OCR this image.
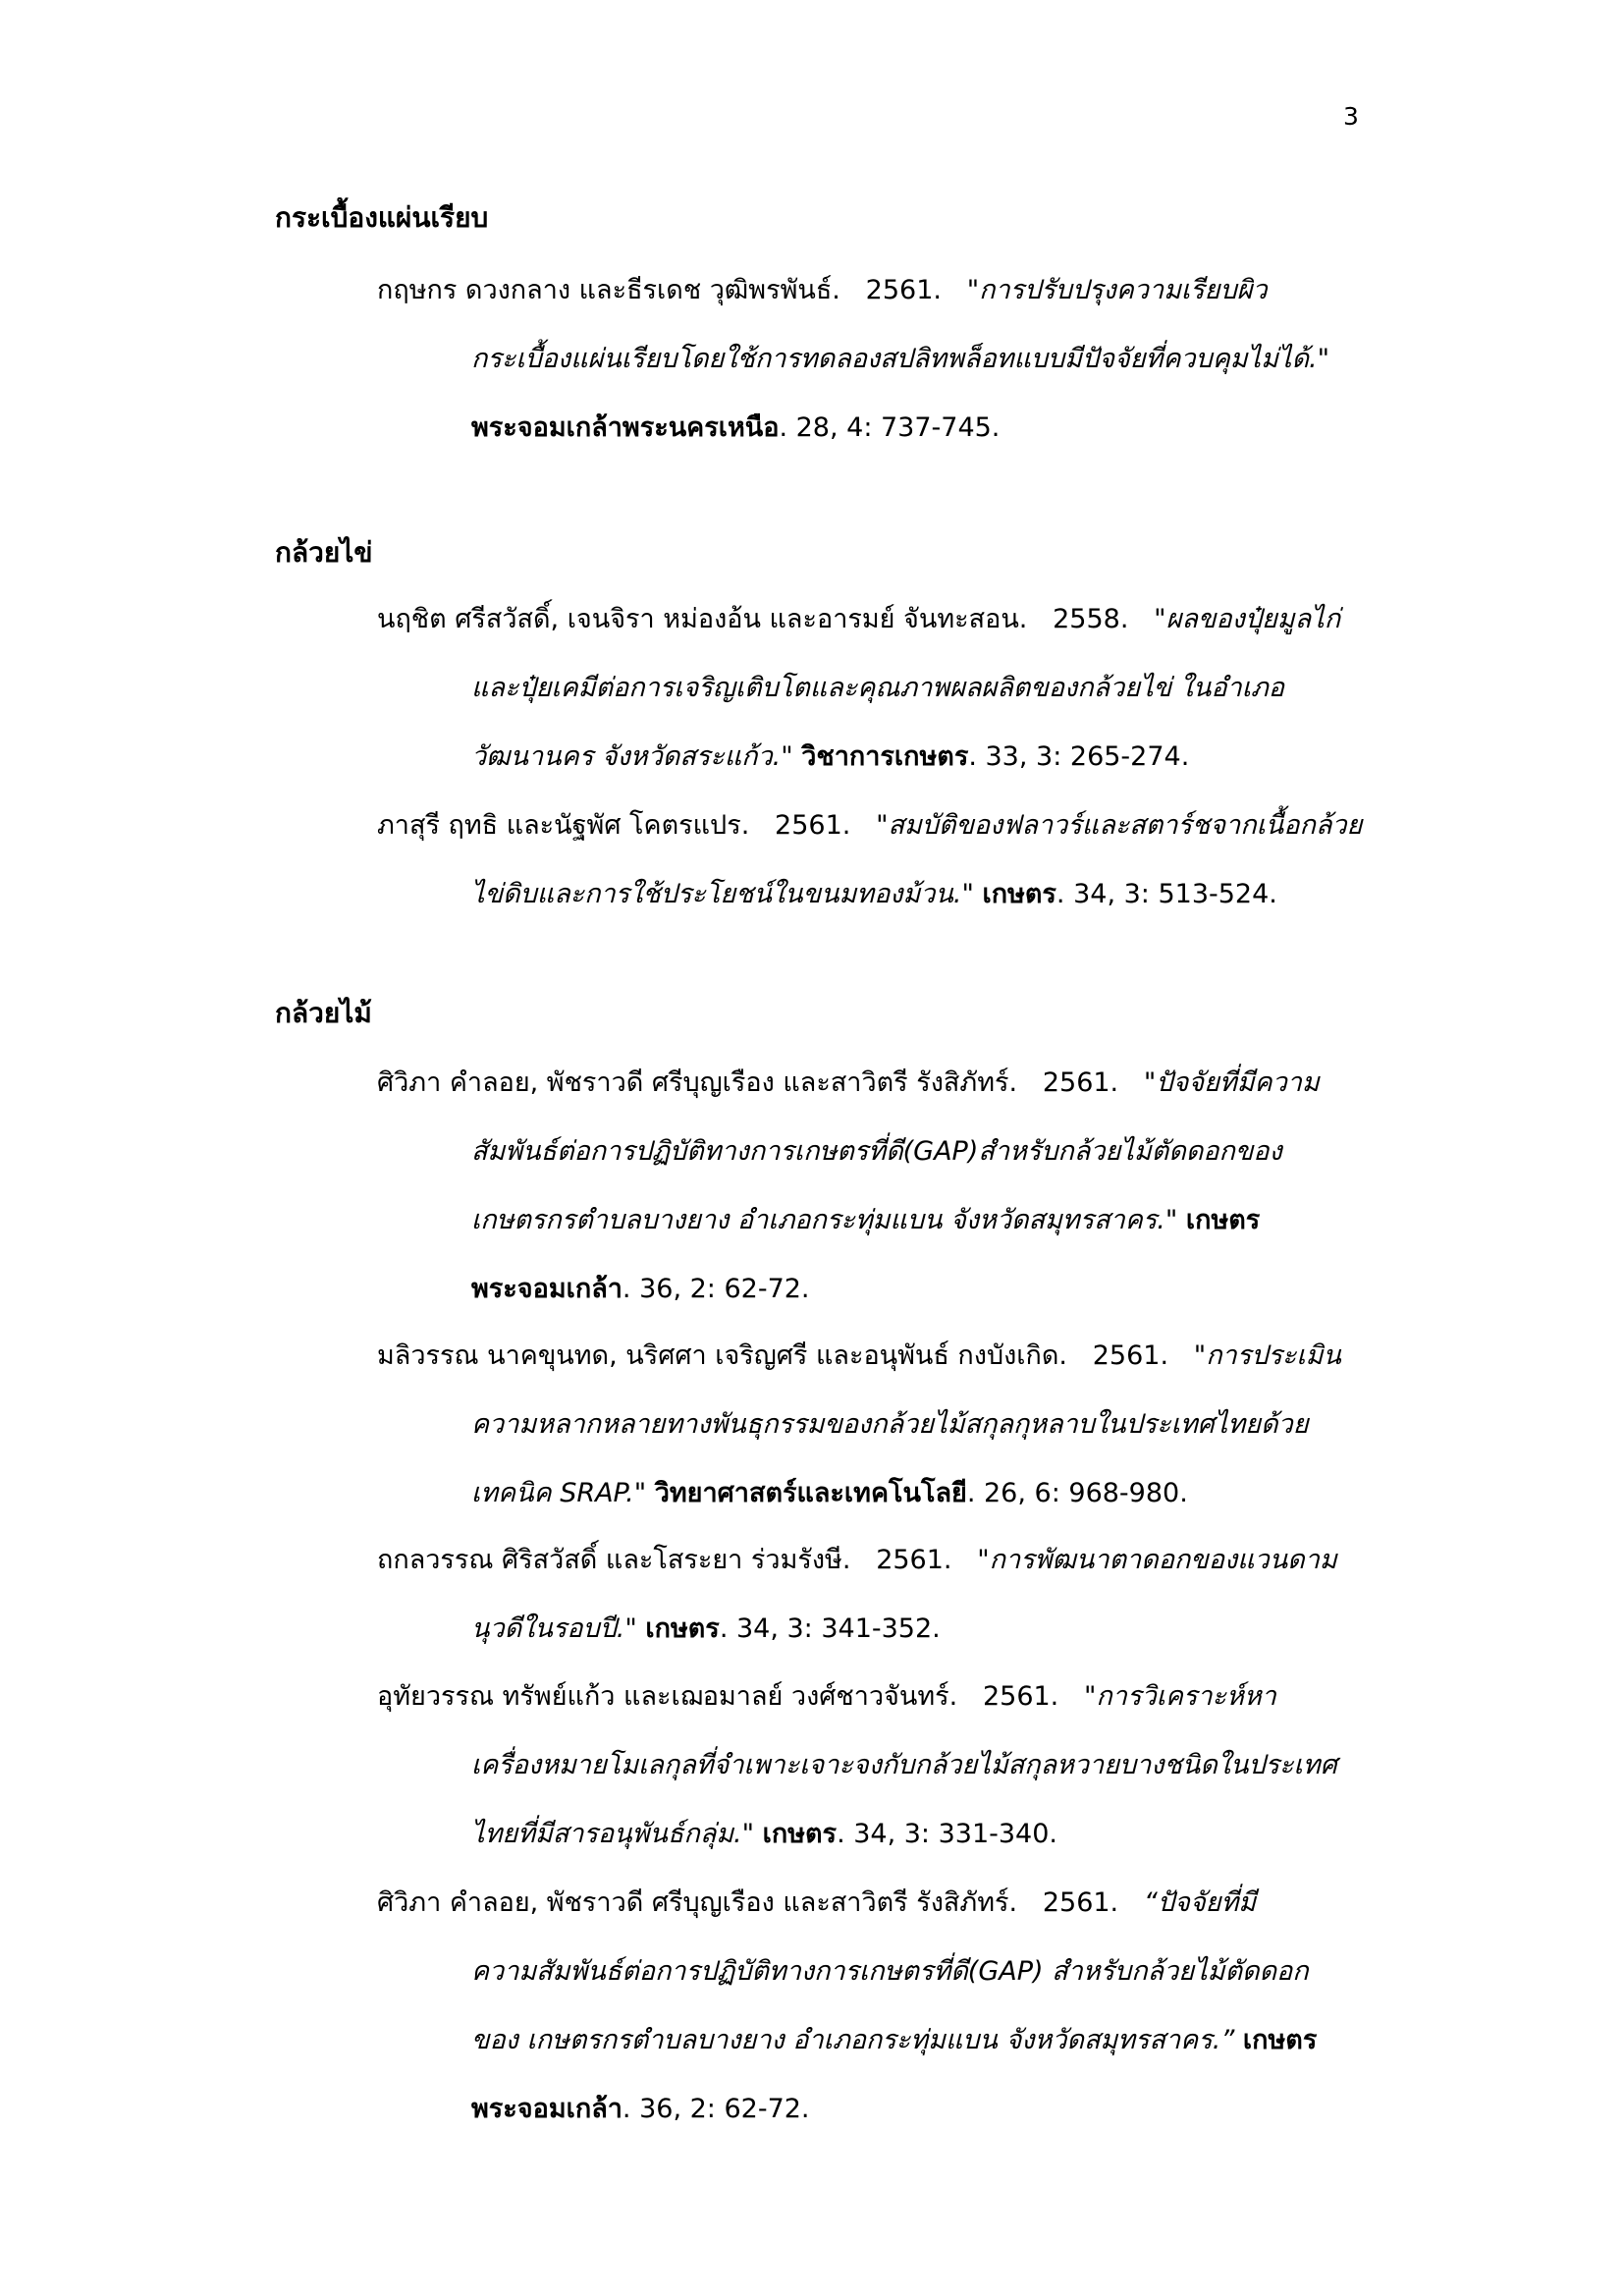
3
กระเบื้องแผ่นเรียบ
กฤษกร ดวงกลาง และธีรเดช วุฒิพรพันธ์. 2561. "การปรับปรุงความเรียบผิว
กระเบื้องแผ่นเรียบโดยใช้การทดลองสปลิทพล็อทแบบมีปัจจัยที่ควบคุมไม่ได้."
พระจอมเกล้าพระนครเหนือ. 28, 4: 737-745.
กล้วยไข่
นฤชิต ศรีสวัสดิ์, เจนจิรา หม่องอ้น และอารมย์ จันทะสอน. 2558. "ผลของปุ๋ยมูลไก่
และปุ๋ยเคมีต่อการเจริญเติบโตและคุณภาพผลผลิตของกล้วยไข่ ในอำเภอ
วัฒนานคร จังหวัดสระแก้ว." วิชาการเกษตร. 33, 3: 265-274.
ภาสุรี ฤทธิ และนัฐพัศ โคตรแปร. 2561. "สมบัติของฟลาวร์และสตาร์ชจากเนื้อกล้วย
ไข่ดิบและการใช้ประโยชน์ในขนมทองม้วน." เกษตร. 34, 3: 513-524.
กล้วยไม้
ศิวิภา คำลอย, พัชราวดี ศรีบุญเรือง และสาวิตรี รังสิภัทร์. 2561. "ปัจจัยที่มีความ
สัมพันธ์ต่อการปฏิบัติทางการเกษตรที่ดี(GAP)สำหรับกล้วยไม้ตัดดอกของ
เกษตรกรตำบลบางยาง อำเภอกระทุ่มแบน จังหวัดสมุทรสาคร." เกษตร
พระจอมเกล้า. 36, 2: 62-72.
มลิวรรณ นาคขุนทด, นริศศา เจริญศรี และอนุพันธ์ กงบังเกิด. 2561. "การประเมิน
ความหลากหลายทางพันธุกรรมของกล้วยไม้สกุลกุหลาบในประเทศไทยด้วย
เทคนิค SRAP." วิทยาศาสตร์และเทคโนโลยี. 26, 6: 968-980.
ถกลวรรณ ศิริสวัสดิ์ และโสระยา ร่วมรังษี. 2561. "การพัฒนาตาดอกของแวนดาม
นุวดีในรอบปี." เกษตร. 34, 3: 341-352.
อุทัยวรรณ ทรัพย์แก้ว และเฌอมาลย์ วงศ์ชาวจันทร์. 2561. "การวิเคราะห์หา
เครื่องหมายโมเลกุลที่จำเพาะเจาะจงกับกล้วยไม้สกุลหวายบางชนิดในประเทศ
ไทยที่มีสารอนุพันธ์กลุ่ม." เกษตร. 34, 3: 331-340.
ศิวิภา คำลอย, พัชราวดี ศรีบุญเรือง และสาวิตรี รังสิภัทร์. 2561. “ปัจจัยที่มี
ความสัมพันธ์ต่อการปฏิบัติทางการเกษตรที่ดี(GAP) สำหรับกล้วยไม้ตัดดอก
ของ เกษตรกรตำบลบางยาง อำเภอกระทุ่มแบน จังหวัดสมุทรสาคร.” เกษตร
พระจอมเกล้า. 36, 2: 62-72.
